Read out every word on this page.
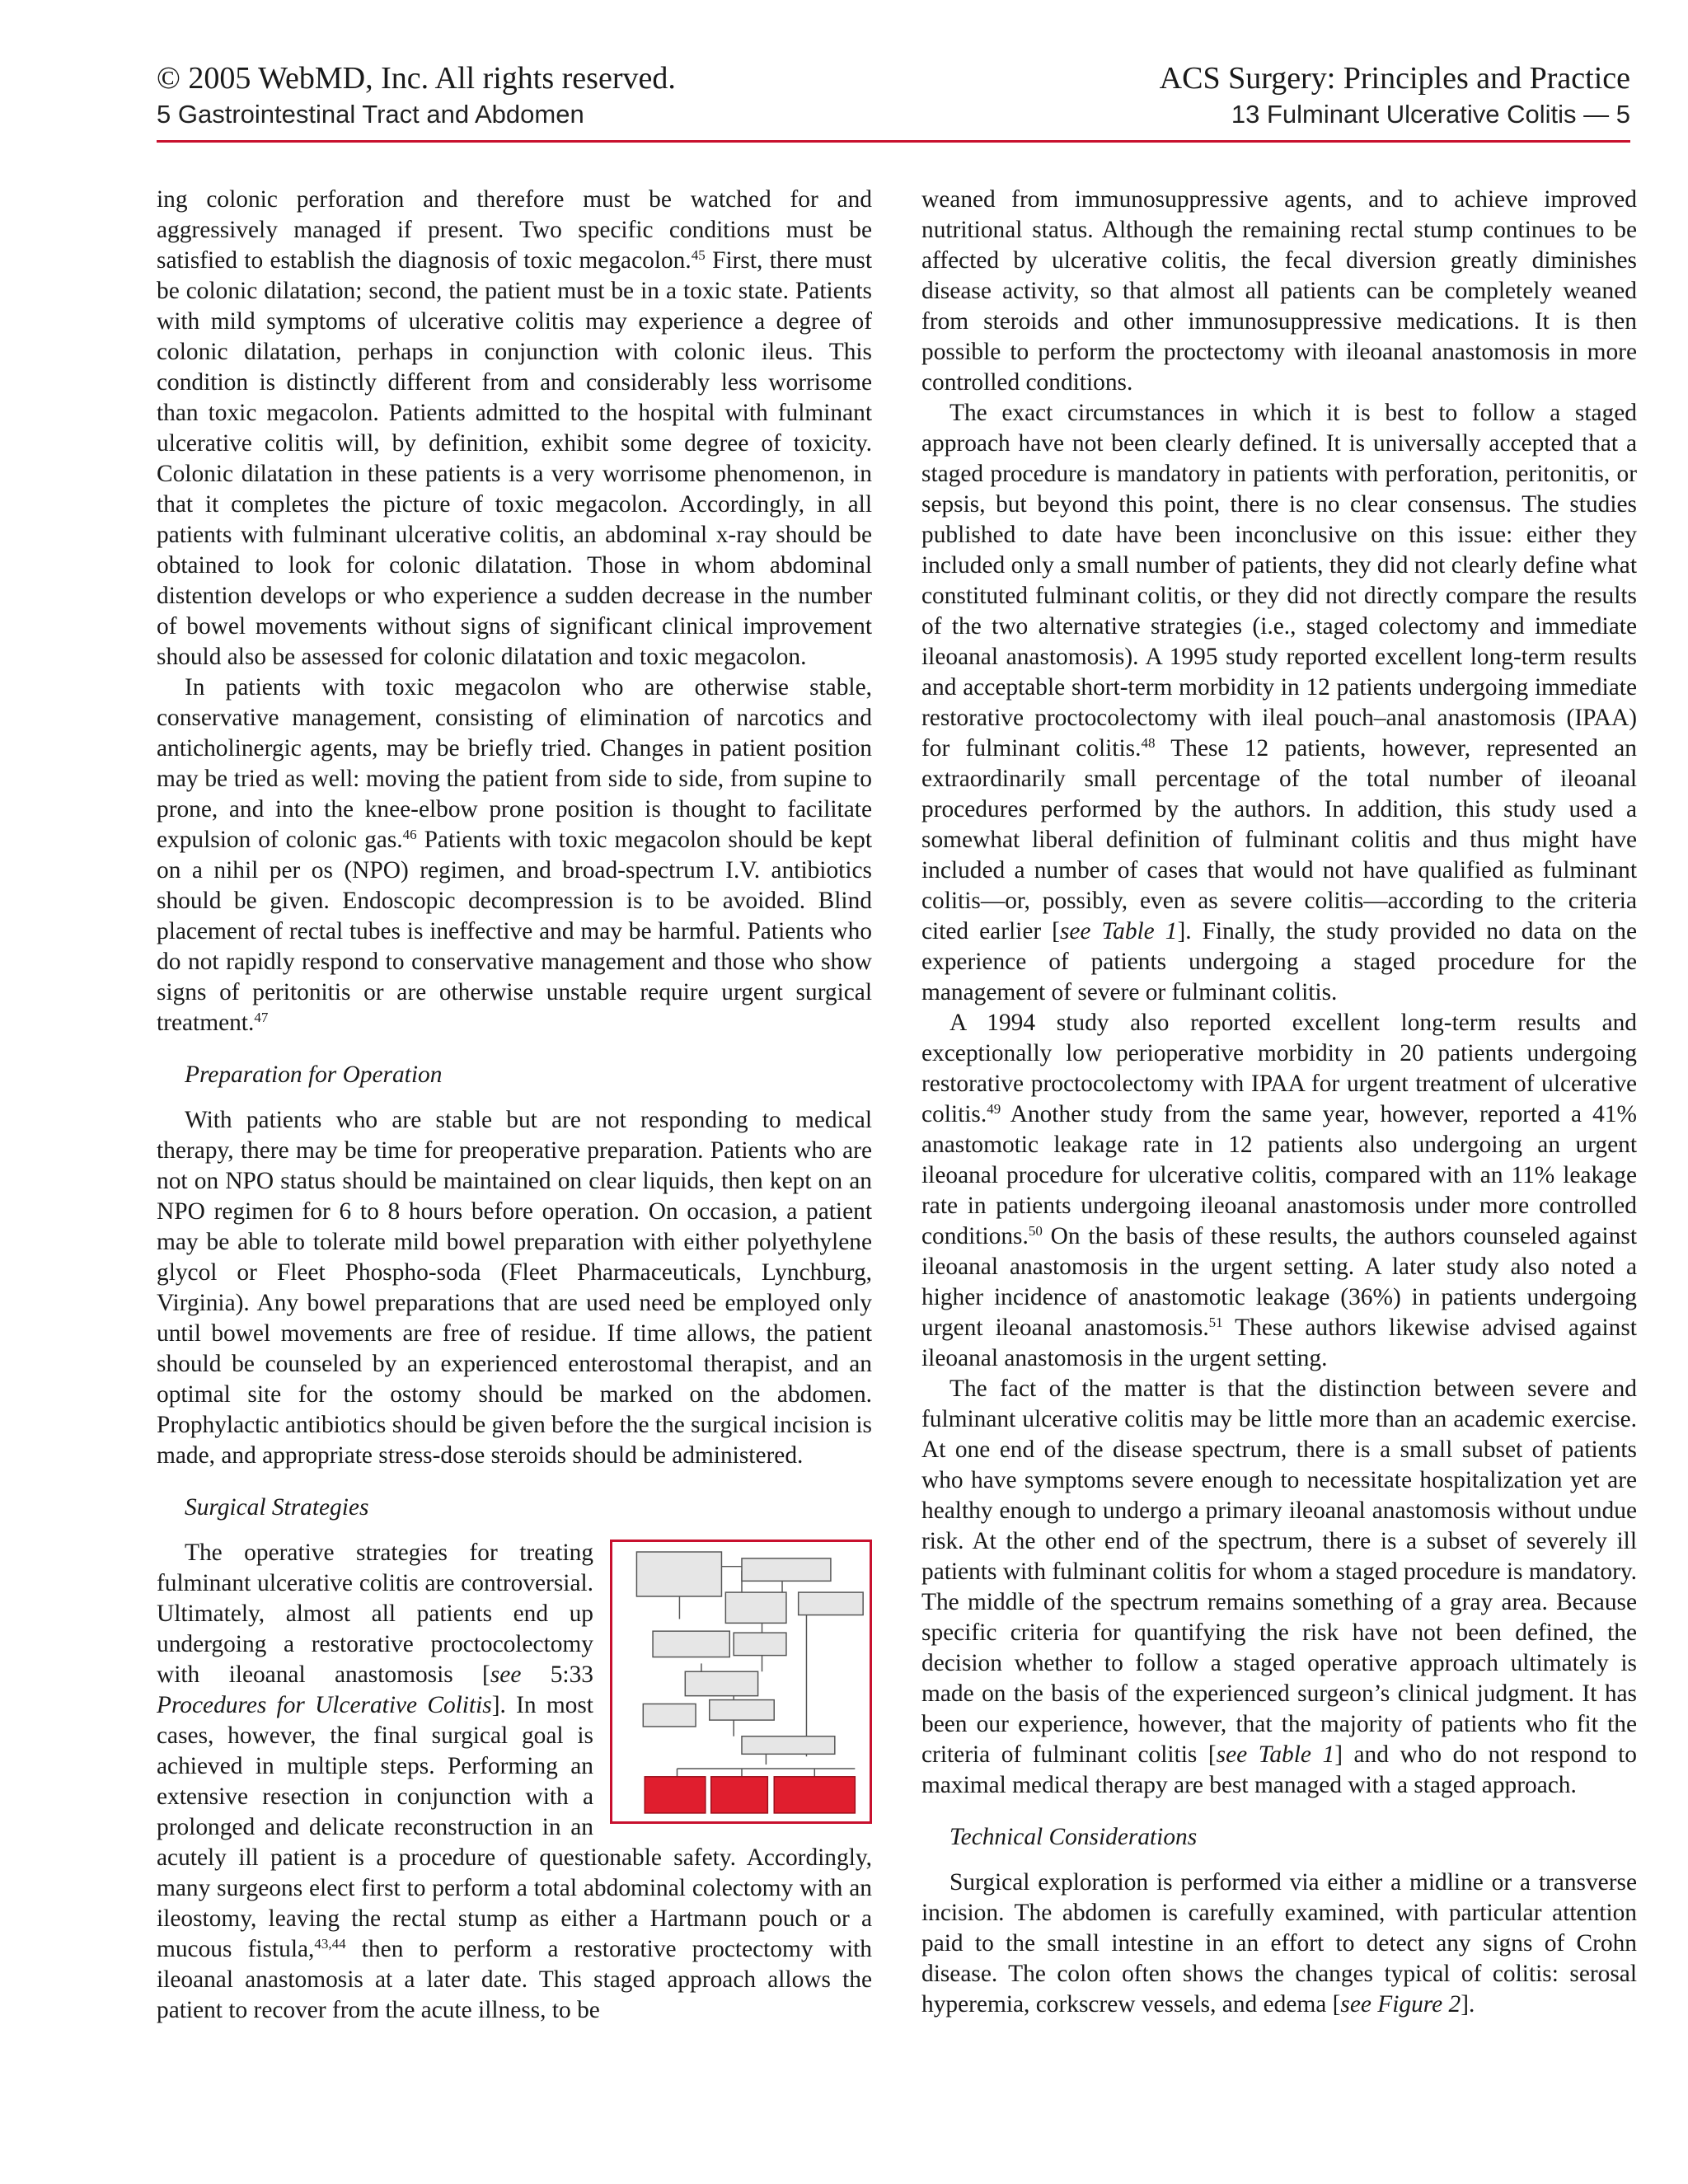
© 2005 WebMD, Inc. All rights reserved.	ACS Surgery: Principles and Practice
5 Gastrointestinal Tract and Abdomen	13 Fulminant Ulcerative Colitis — 5

ing colonic perforation and therefore must be watched for and aggressively managed if present. Two specific conditions must be satisfied to establish the diagnosis of toxic megacolon.$^{45}$ First, there must be colonic dilatation; second, the patient must be in a toxic state. Patients with mild symptoms of ulcerative colitis may experience a degree of colonic dilatation, perhaps in conjunction with colonic ileus. This condition is distinctly different from and considerably less worrisome than toxic megacolon. Patients admitted to the hospital with fulminant ulcerative colitis will, by definition, exhibit some degree of toxicity. Colonic dilatation in these patients is a very worrisome phenomenon, in that it completes the picture of toxic megacolon. Accordingly, in all patients with fulminant ulcerative colitis, an abdominal x-ray should be obtained to look for colonic dilatation. Those in whom abdominal distention develops or who experience a sudden decrease in the number of bowel movements without signs of significant clinical improvement should also be assessed for colonic dilatation and toxic megacolon.

In patients with toxic megacolon who are otherwise stable, conservative management, consisting of elimination of narcotics and anticholinergic agents, may be briefly tried. Changes in patient position may be tried as well: moving the patient from side to side, from supine to prone, and into the knee-elbow prone position is thought to facilitate expulsion of colonic gas.$^{46}$ Patients with toxic megacolon should be kept on a nihil per os (NPO) regimen, and broad-spectrum I.V. antibiotics should be given. Endoscopic decompression is to be avoided. Blind placement of rectal tubes is ineffective and may be harmful. Patients who do not rapidly respond to conservative management and those who show signs of peritonitis or are otherwise unstable require urgent surgical treatment.$^{47}$

Preparation for Operation

With patients who are stable but are not responding to medical therapy, there may be time for preoperative preparation. Patients who are not on NPO status should be maintained on clear liquids, then kept on an NPO regimen for 6 to 8 hours before operation. On occasion, a patient may be able to tolerate mild bowel preparation with either polyethylene glycol or Fleet Phospho-soda (Fleet Pharmaceuticals, Lynchburg, Virginia). Any bowel preparations that are used need be employed only until bowel movements are free of residue. If time allows, the patient should be counseled by an experienced enterostomal therapist, and an optimal site for the ostomy should be marked on the abdomen. Prophylactic antibiotics should be given before the the surgical incision is made, and appropriate stress-dose steroids should be administered.

Surgical Strategies

The operative strategies for treating fulminant ulcerative colitis are controversial. Ultimately, almost all patients end up undergoing a restorative proctocolectomy with ileoanal anastomosis [see 5:33 Procedures for Ulcerative Colitis]. In most cases, however, the final surgical goal is achieved in multiple steps. Performing an extensive resection in conjunction with a prolonged and delicate reconstruction in an acutely ill patient is a procedure of questionable safety. Accordingly, many surgeons elect first to perform a total abdominal colectomy with an ileostomy, leaving the rectal stump as either a Hartmann pouch or a mucous fistula,$^{43,44}$ then to perform a restorative proctectomy with ileoanal anastomosis at a later date. This staged approach allows the patient to recover from the acute illness, to be

weaned from immunosuppressive agents, and to achieve improved nutritional status. Although the remaining rectal stump continues to be affected by ulcerative colitis, the fecal diversion greatly diminishes disease activity, so that almost all patients can be completely weaned from steroids and other immunosuppressive medications. It is then possible to perform the proctectomy with ileoanal anastomosis in more controlled conditions.

The exact circumstances in which it is best to follow a staged approach have not been clearly defined. It is universally accepted that a staged procedure is mandatory in patients with perforation, peritonitis, or sepsis, but beyond this point, there is no clear consensus. The studies published to date have been inconclusive on this issue: either they included only a small number of patients, they did not clearly define what constituted fulminant colitis, or they did not directly compare the results of the two alternative strategies (i.e., staged colectomy and immediate ileoanal anastomosis). A 1995 study reported excellent long-term results and acceptable short-term morbidity in 12 patients undergoing immediate restorative proctocolectomy with ileal pouch–anal anastomosis (IPAA) for fulminant colitis.$^{48}$ These 12 patients, however, represented an extraordinarily small percentage of the total number of ileoanal procedures performed by the authors. In addition, this study used a somewhat liberal definition of fulminant colitis and thus might have included a number of cases that would not have qualified as fulminant colitis—or, possibly, even as severe colitis—according to the criteria cited earlier [see Table 1]. Finally, the study provided no data on the experience of patients undergoing a staged procedure for the management of severe or fulminant colitis.

A 1994 study also reported excellent long-term results and exceptionally low perioperative morbidity in 20 patients undergoing restorative proctocolectomy with IPAA for urgent treatment of ulcerative colitis.$^{49}$ Another study from the same year, however, reported a 41% anastomotic leakage rate in 12 patients also undergoing an urgent ileoanal procedure for ulcerative colitis, compared with an 11% leakage rate in patients undergoing ileoanal anastomosis under more controlled conditions.$^{50}$ On the basis of these results, the authors counseled against ileoanal anastomosis in the urgent setting. A later study also noted a higher incidence of anastomotic leakage (36%) in patients undergoing urgent ileoanal anastomosis.$^{51}$ These authors likewise advised against ileoanal anastomosis in the urgent setting.

The fact of the matter is that the distinction between severe and fulminant ulcerative colitis may be little more than an academic exercise. At one end of the disease spectrum, there is a small subset of patients who have symptoms severe enough to necessitate hospitalization yet are healthy enough to undergo a primary ileoanal anastomosis without undue risk. At the other end of the spectrum, there is a subset of severely ill patients with fulminant colitis for whom a staged procedure is mandatory. The middle of the spectrum remains something of a gray area. Because specific criteria for quantifying the risk have not been defined, the decision whether to follow a staged operative approach ultimately is made on the basis of the experienced surgeon’s clinical judgment. It has been our experience, however, that the majority of patients who fit the criteria of fulminant colitis [see Table 1] and who do not respond to maximal medical therapy are best managed with a staged approach.

Technical Considerations

Surgical exploration is performed via either a midline or a transverse incision. The abdomen is carefully examined, with particular attention paid to the small intestine in an effort to detect any signs of Crohn disease. The colon often shows the changes typical of colitis: serosal hyperemia, corkscrew vessels, and edema [see Figure 2].
